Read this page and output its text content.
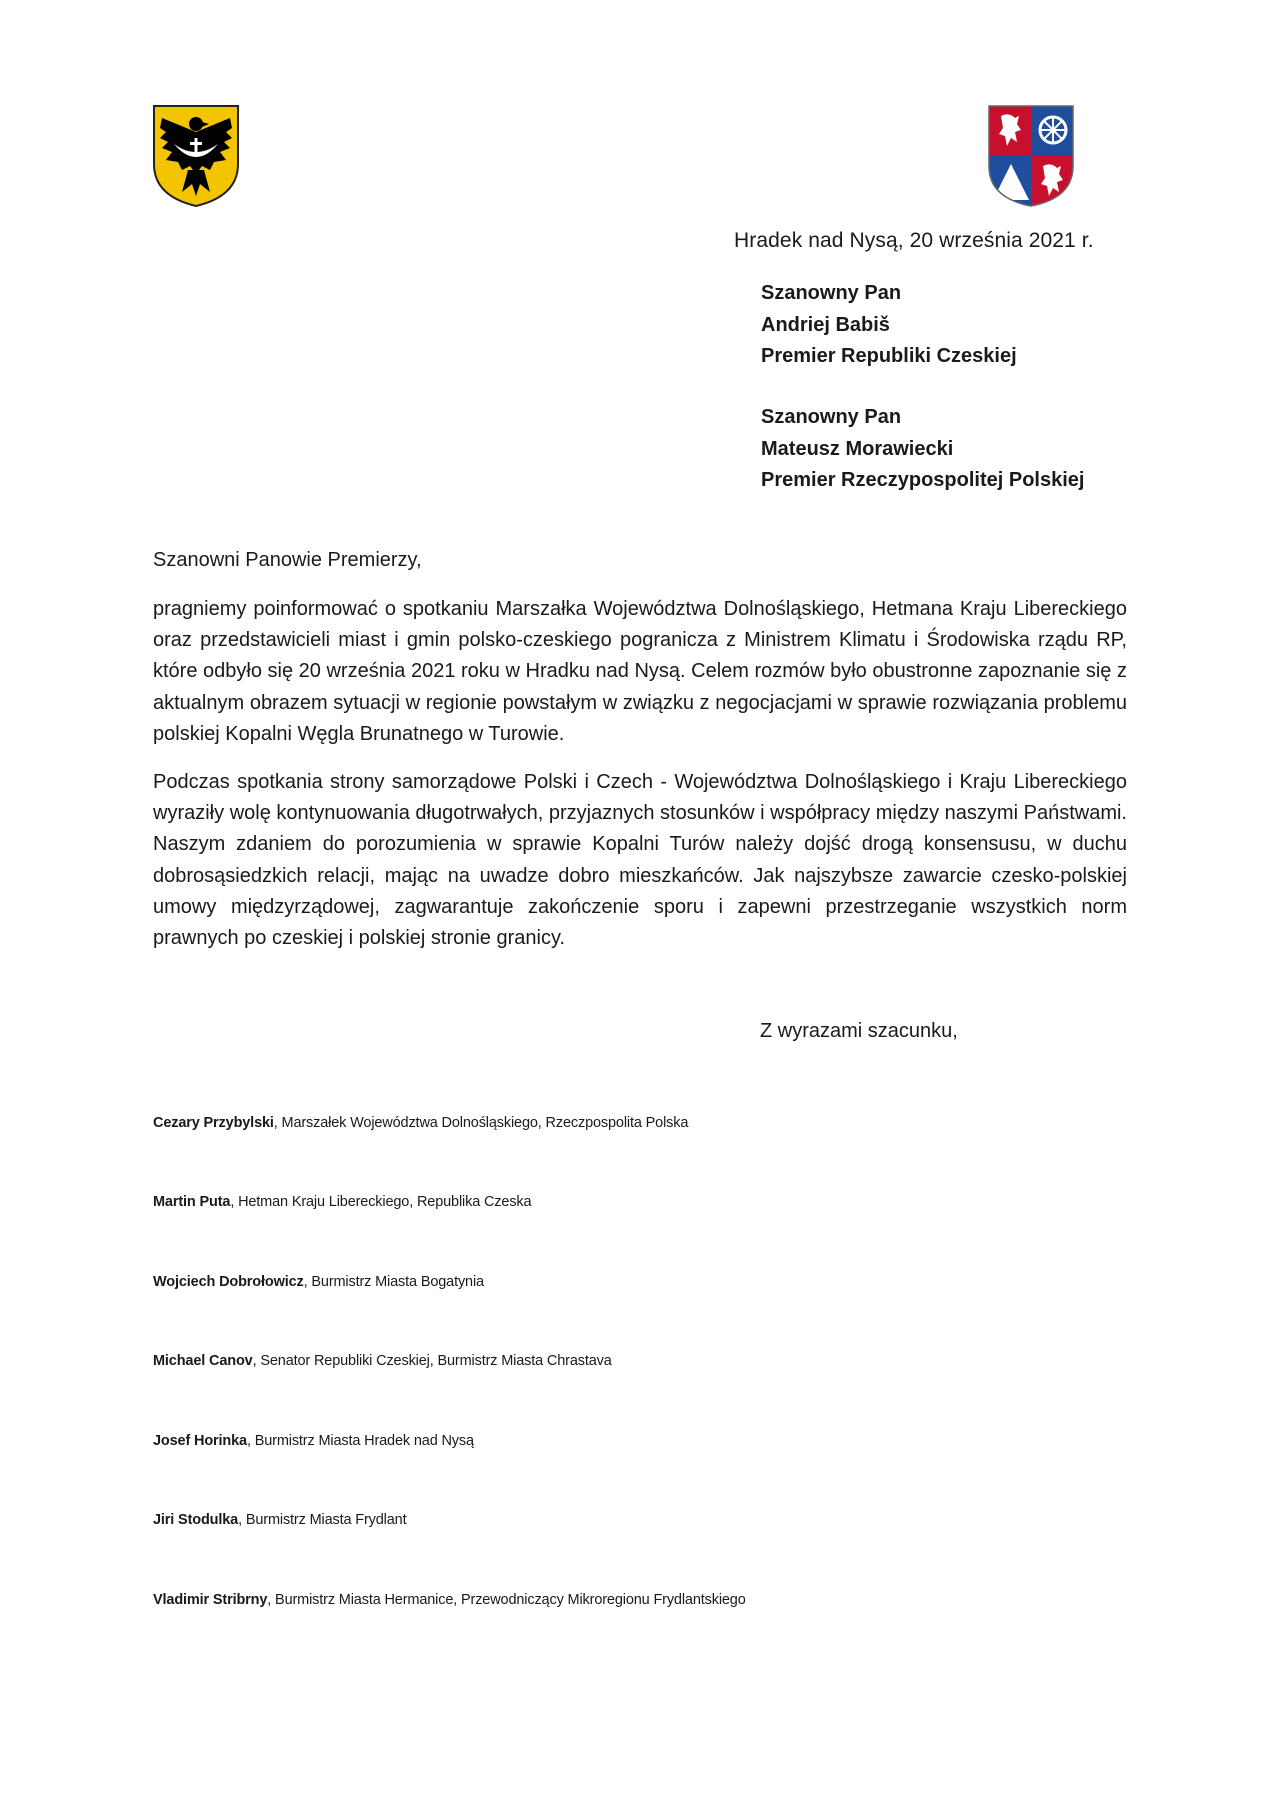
Hradek nad Nysą, 20 września 2021 r.
Szanowny Pan
Andriej Babiš
Premier Republiki Czeskiej
Szanowny Pan
Mateusz Morawiecki
Premier Rzeczypospolitej Polskiej
Szanowni Panowie Premierzy,

pragniemy poinformować o spotkaniu Marszałka Województwa Dolnośląskiego, Hetmana Kraju Libereckiego oraz przedstawicieli miast i gmin polsko-czeskiego pogranicza z Ministrem Klimatu i Środowiska rządu RP, które odbyło się 20 września 2021 roku w Hradku nad Nysą. Celem rozmów było obustronne zapoznanie się z aktualnym obrazem sytuacji w regionie powstałym w związku z negocjacjami w sprawie rozwiązania problemu polskiej Kopalni Węgla Brunatnego w Turowie.

Podczas spotkania strony samorządowe Polski i Czech - Województwa Dolnośląskiego i Kraju Libereckiego wyraziły wolę kontynuowania długotrwałych, przyjaznych stosunków i współpracy między naszymi Państwami. Naszym zdaniem do porozumienia w sprawie Kopalni Turów należy dojść drogą konsensusu, w duchu dobrosąsiedzkich relacji, mając na uwadze dobro mieszkańców. Jak najszybsze zawarcie czesko-polskiej umowy międzyrządowej, zagwarantuje zakończenie sporu i zapewni przestrzeganie wszystkich norm prawnych po czeskiej i polskiej stronie granicy.

Z wyrazami szacunku,
Cezary Przybylski, Marszałek Województwa Dolnośląskiego, Rzeczpospolita Polska
Martin Puta, Hetman Kraju Libereckiego, Republika Czeska
Wojciech Dobrołowicz, Burmistrz Miasta Bogatynia
Michael Canov, Senator Republiki Czeskiej, Burmistrz Miasta Chrastava
Josef Horinka, Burmistrz Miasta Hradek nad Nysą
Jiri Stodulka, Burmistrz Miasta Frydlant
Vladimir Stribrny, Burmistrz Miasta Hermanice, Przewodniczący Mikroregionu Frydlantskiego
